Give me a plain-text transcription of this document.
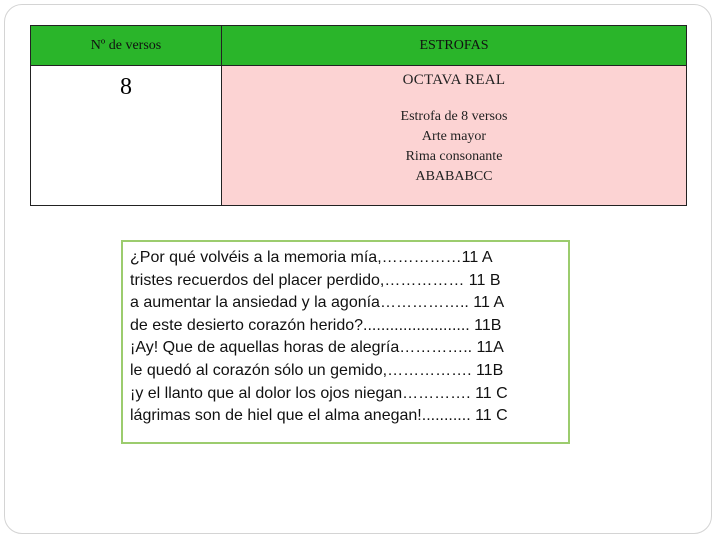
Nº de versos	ESTROFAS
8	OCTAVA REAL
Estrofa de 8 versos
Arte mayor
Rima consonante
ABABABCC
¿Por qué volvéis a la memoria mía,……………11 A
tristes recuerdos del placer perdido,…………… 11 B
a aumentar la ansiedad y la agonía…………….. 11 A
de este desierto corazón herido?........................ 11B
¡Ay! Que de aquellas horas de alegría………….. 11A
le quedó al corazón sólo un gemido,……………. 11B
¡y el llanto que al dolor los ojos niegan…………. 11 C
lágrimas son de hiel que el alma anegan!........... 11 C
